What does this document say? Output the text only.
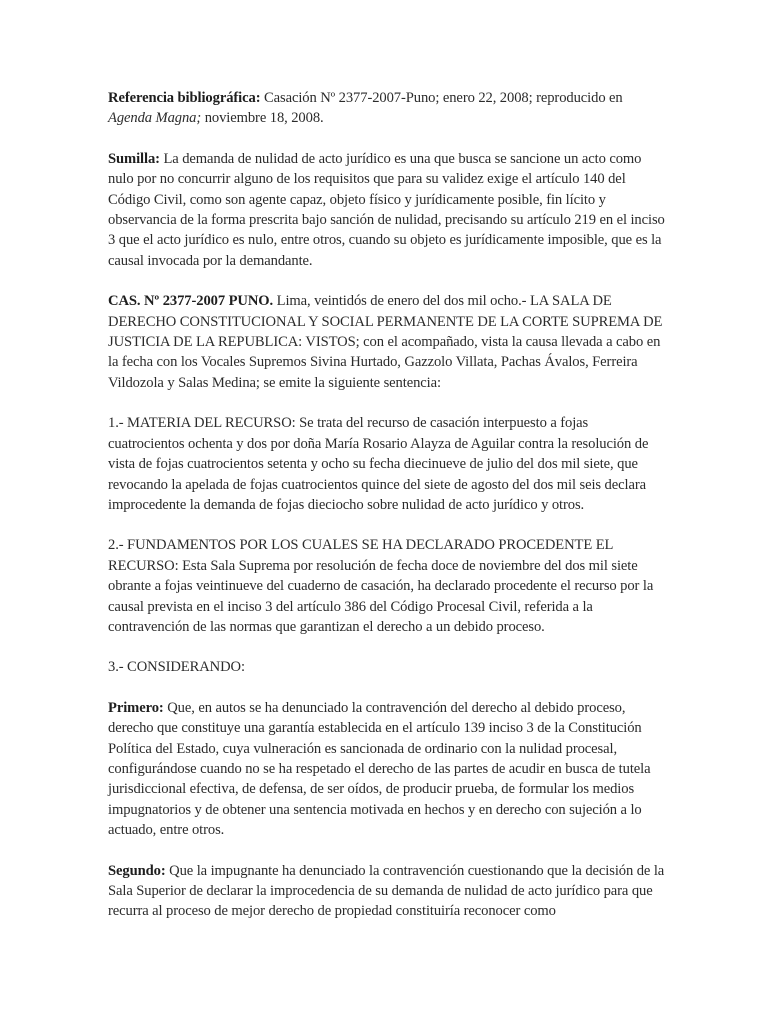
Referencia bibliográfica: Casación Nº 2377-2007-Puno; enero 22, 2008; reproducido en Agenda Magna; noviembre 18, 2008.

Sumilla: La demanda de nulidad de acto jurídico es una que busca se sancione un acto como nulo por no concurrir alguno de los requisitos que para su validez exige el artículo 140 del Código Civil, como son agente capaz, objeto físico y jurídicamente posible, fin lícito y observancia de la forma prescrita bajo sanción de nulidad, precisando su artículo 219 en el inciso 3 que el acto jurídico es nulo, entre otros, cuando su objeto es jurídicamente imposible, que es la causal invocada por la demandante.

CAS. Nº 2377-2007 PUNO. Lima, veintidós de enero del dos mil ocho.- LA SALA DE DERECHO CONSTITUCIONAL Y SOCIAL PERMANENTE DE LA CORTE SUPREMA DE JUSTICIA DE LA REPUBLICA: VISTOS; con el acompañado, vista la causa llevada a cabo en la fecha con los Vocales Supremos Sivina Hurtado, Gazzolo Villata, Pachas Ávalos, Ferreira Vildozola y Salas Medina; se emite la siguiente sentencia:

1.- MATERIA DEL RECURSO: Se trata del recurso de casación interpuesto a fojas cuatrocientos ochenta y dos por doña María Rosario Alayza de Aguilar contra la resolución de vista de fojas cuatrocientos setenta y ocho su fecha diecinueve de julio del dos mil siete, que revocando la apelada de fojas cuatrocientos quince del siete de agosto del dos mil seis declara improcedente la demanda de fojas dieciocho sobre nulidad de acto jurídico y otros.

2.- FUNDAMENTOS POR LOS CUALES SE HA DECLARADO PROCEDENTE EL RECURSO: Esta Sala Suprema por resolución de fecha doce de noviembre del dos mil siete obrante a fojas veintinueve del cuaderno de casación, ha declarado procedente el recurso por la causal prevista en el inciso 3 del artículo 386 del Código Procesal Civil, referida a la contravención de las normas que garantizan el derecho a un debido proceso.

3.- CONSIDERANDO:

Primero: Que, en autos se ha denunciado la contravención del derecho al debido proceso, derecho que constituye una garantía establecida en el artículo 139 inciso 3 de la Constitución Política del Estado, cuya vulneración es sancionada de ordinario con la nulidad procesal, configurándose cuando no se ha respetado el derecho de las partes de acudir en busca de tutela jurisdiccional efectiva, de defensa, de ser oídos, de producir prueba, de formular los medios impugnatorios y de obtener una sentencia motivada en hechos y en derecho con sujeción a lo actuado, entre otros.

Segundo: Que la impugnante ha denunciado la contravención cuestionando que la decisión de la Sala Superior de declarar la improcedencia de su demanda de nulidad de acto jurídico para que recurra al proceso de mejor derecho de propiedad constituiría reconocer como
